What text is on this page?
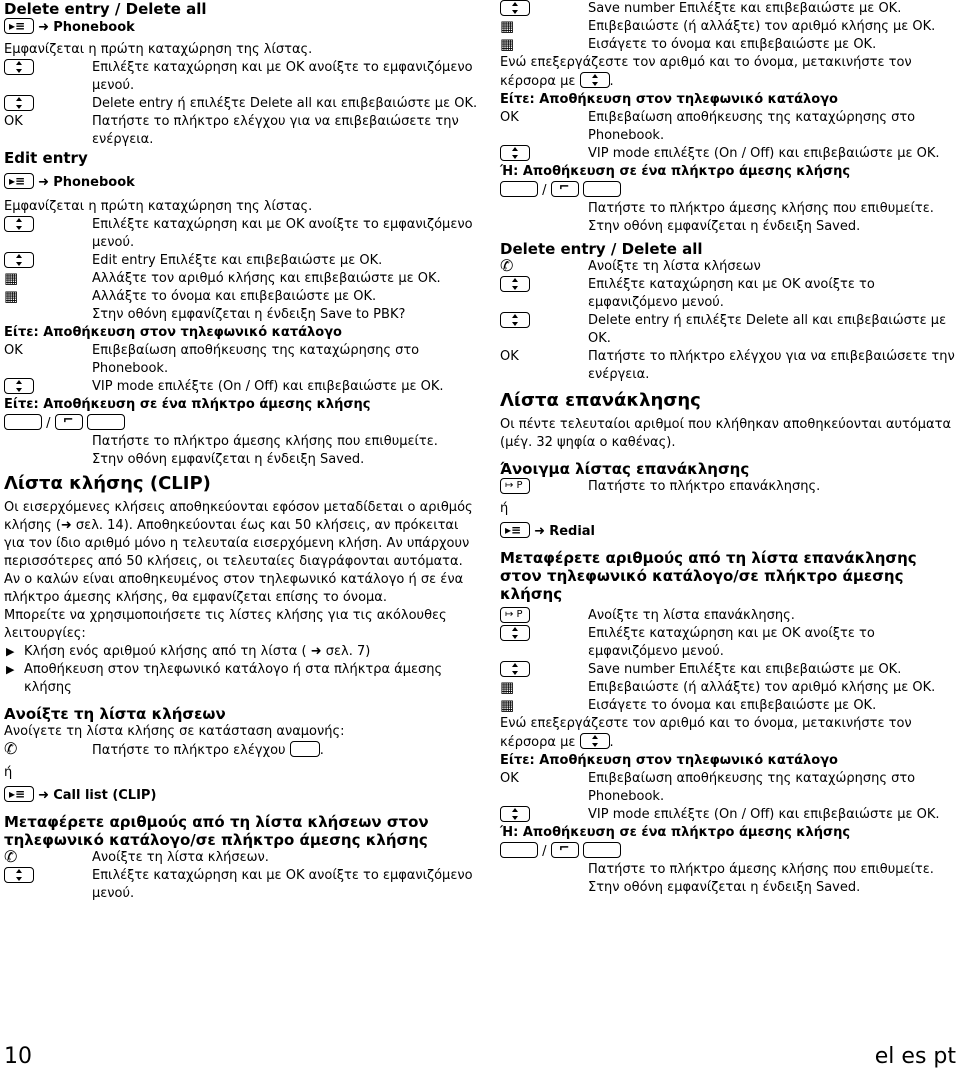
Delete entry / Delete all
▸≡ ➜ Phonebook
Εμφανίζεται η πρώτη καταχώρηση της λίστας.
Επιλέξτε καταχώρηση και με ΟΚ ανοίξτε το εμφανιζόμενο μενού.
Delete entry ή επιλέξτε Delete all και επιβεβαιώστε με ΟΚ.
OK	Πατήστε το πλήκτρο ελέγχου για να επιβεβαιώσετε την ενέργεια.
Edit entry
▸≡ ➜ Phonebook
Εμφανίζεται η πρώτη καταχώρηση της λίστας.
Επιλέξτε καταχώρηση και με ΟΚ ανοίξτε το εμφανιζόμενο μενού.
Edit entry Επιλέξτε και επιβεβαιώστε με ΟΚ.
▦	Αλλάξτε τον αριθμό κλήσης και επιβεβαιώστε με ΟΚ.
▦	Αλλάξτε το όνομα και επιβεβαιώστε με ΟΚ.
Στην οθόνη εμφανίζεται η ένδειξη Save to PBK?
Είτε: Αποθήκευση στον τηλεφωνικό κατάλογο
OK	Επιβεβαίωση αποθήκευσης της καταχώρησης στο Phonebook.
VIP mode επιλέξτε (On / Off) και επιβεβαιώστε με ΟΚ.
Είτε: Αποθήκευση σε ένα πλήκτρο άμεσης κλήσης
/ ⌐
Πατήστε το πλήκτρο άμεσης κλήσης που επιθυμείτε.
Στην οθόνη εμφανίζεται η ένδειξη Saved.
Λίστα κλήσης (CLIP)
Οι εισερχόμενες κλήσεις αποθηκεύονται εφόσον μεταδίδεται ο αριθμός κλήσης (➜ σελ. 14). Αποθηκεύονται έως και 50 κλήσεις, αν πρόκειται για τον ίδιο αριθμό μόνο η τελευταία εισερχόμενη κλήση. Αν υπάρχουν περισσότερες από 50 κλήσεις, οι τελευταίες διαγράφονται αυτόματα.
Αν ο καλών είναι αποθηκευμένος στον τηλεφωνικό κατάλογο ή σε ένα πλήκτρο άμεσης κλήσης, θα εμφανίζεται επίσης το όνομα.
Μπορείτε να χρησιμοποιήσετε τις λίστες κλήσης για τις ακόλουθες λειτουργίες:
▶ Κλήση ενός αριθμού κλήσης από τη λίστα ( ➜ σελ. 7)
▶ Αποθήκευση στον τηλεφωνικό κατάλογο ή στα πλήκτρα άμεσης κλήσης
Ανοίξτε τη λίστα κλήσεων
Ανοίγετε τη λίστα κλήσης σε κατάσταση αναμονής:
✆	Πατήστε το πλήκτρο ελέγχου	.
ή
▸≡ ➜ Call list (CLIP)
Μεταφέρετε αριθμούς από τη λίστα κλήσεων στον τηλεφωνικό κατάλογο/σε πλήκτρο άμεσης κλήσης
✆	Ανοίξτε τη λίστα κλήσεων.
Επιλέξτε καταχώρηση και με ΟΚ ανοίξτε το εμφανιζόμενο μενού.
Save number Επιλέξτε και επιβεβαιώστε με ΟΚ.
▦	Επιβεβαιώστε (ή αλλάξτε) τον αριθμό κλήσης με ΟΚ.
▦	Εισάγετε το όνομα και επιβεβαιώστε με ΟΚ.
Ενώ επεξεργάζεστε τον αριθμό και το όνομα, μετακινήστε τον κέρσορα με	.
Είτε: Αποθήκευση στον τηλεφωνικό κατάλογο
OK	Επιβεβαίωση αποθήκευσης της καταχώρησης στο Phonebook.
VIP mode επιλέξτε (On / Off) και επιβεβαιώστε με ΟΚ.
Ή: Αποθήκευση σε ένα πλήκτρο άμεσης κλήσης
/ ⌐
Πατήστε το πλήκτρο άμεσης κλήσης που επιθυμείτε.
Στην οθόνη εμφανίζεται η ένδειξη Saved.
Delete entry / Delete all
✆	Ανοίξτε τη λίστα κλήσεων
Επιλέξτε καταχώρηση και με ΟΚ ανοίξτε το εμφανιζόμενο μενού.
Delete entry ή επιλέξτε Delete all και επιβεβαιώστε με ΟΚ.
OK	Πατήστε το πλήκτρο ελέγχου για να επιβεβαιώσετε την ενέργεια.
Λίστα επανάκλησης
Οι πέντε τελευταίοι αριθμοί που κλήθηκαν αποθηκεύονται αυτόματα (μέγ. 32 ψηφία ο καθένας).
Άνοιγμα λίστας επανάκλησης
↦ P
Πατήστε το πλήκτρο επανάκλησης.
ή
▸≡ ➜ Redial
Μεταφέρετε αριθμούς από τη λίστα επανάκλησης στον τηλεφωνικό κατάλογο/σε πλήκτρο άμεσης κλήσης
↦ P
Ανοίξτε τη λίστα επανάκλησης.
Επιλέξτε καταχώρηση και με ΟΚ ανοίξτε το εμφανιζόμενο μενού.
Save number Επιλέξτε και επιβεβαιώστε με ΟΚ.
▦	Επιβεβαιώστε (ή αλλάξτε) τον αριθμό κλήσης με ΟΚ.
▦	Εισάγετε το όνομα και επιβεβαιώστε με ΟΚ.
Ενώ επεξεργάζεστε τον αριθμό και το όνομα, μετακινήστε τον κέρσορα με	.
Είτε: Αποθήκευση στον τηλεφωνικό κατάλογο
OK	Επιβεβαίωση αποθήκευσης της καταχώρησης στο Phonebook.
VIP mode επιλέξτε (On / Off) και επιβεβαιώστε με ΟΚ.
Ή: Αποθήκευση σε ένα πλήκτρο άμεσης κλήσης
/ ⌐
Πατήστε το πλήκτρο άμεσης κλήσης που επιθυμείτε.
Στην οθόνη εμφανίζεται η ένδειξη Saved.
10	el es pt
